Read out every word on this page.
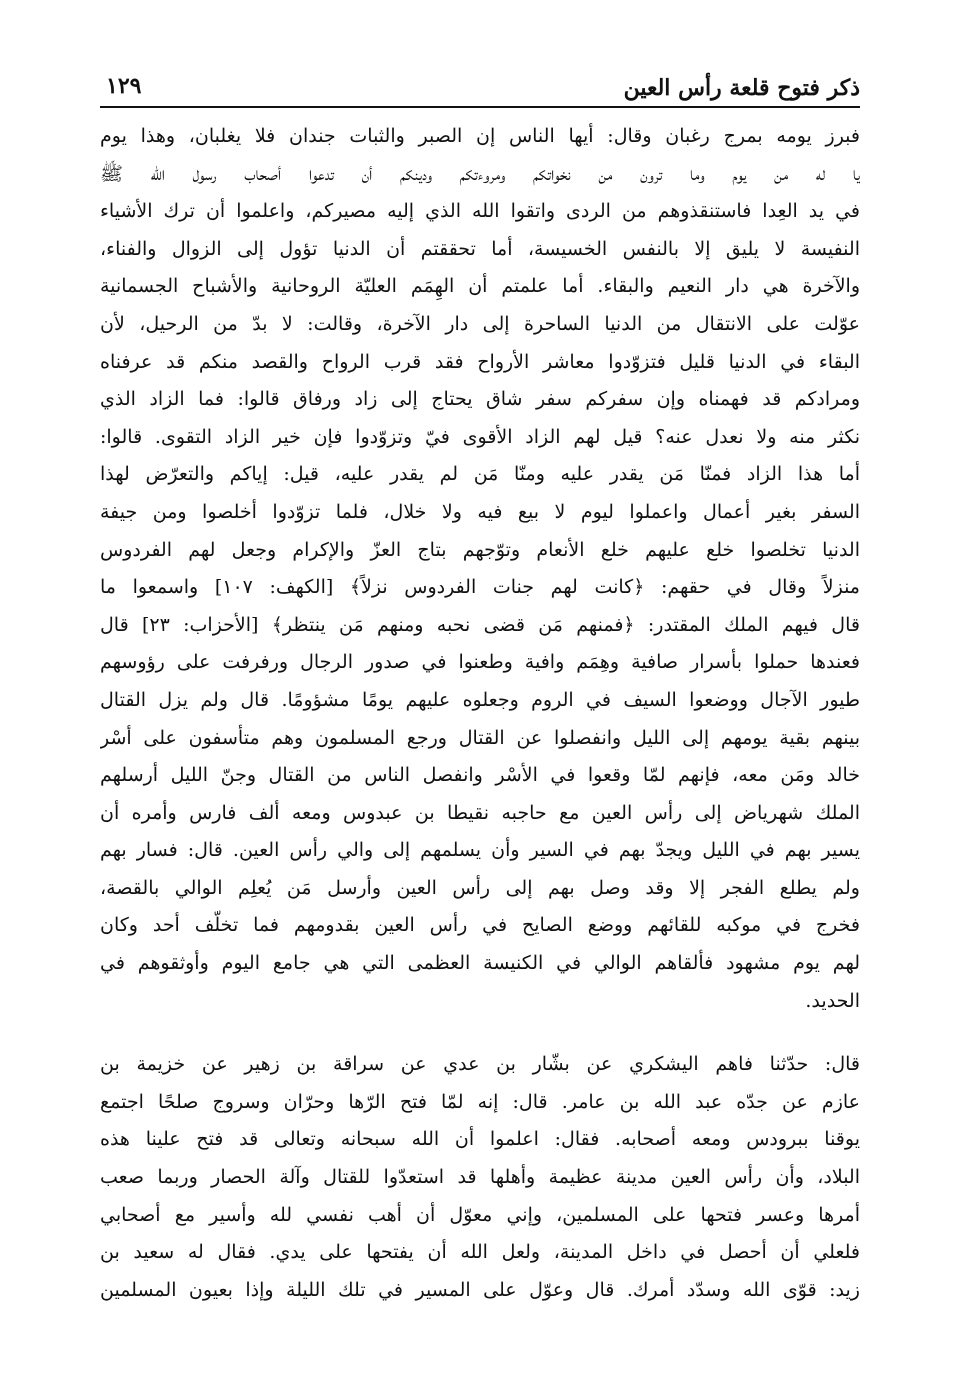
ذكر فتوح قلعة رأس العين
١٢٩
فبرز يومه بمرج رغبان وقال: أيها الناس إن الصبر والثبات جندان فلا يغلبان، وهذا يوم
يا له من يوم وما ترون من نخواتكم ومروءتكم ودينكم أن تدعوا أصحاب رسول الله ﷺ
في يد العِدا فاستنقذوهم من الردى واتقوا الله الذي إليه مصيركم، واعلموا أن ترك الأشياء
النفيسة لا يليق إلا بالنفس الخسيسة، أما تحققتم أن الدنيا تؤول إلى الزوال والفناء،
والآخرة هي دار النعيم والبقاء. أما علمتم أن الهِمَم العليّة الروحانية والأشباح الجسمانية
عوّلت على الانتقال من الدنيا الساحرة إلى دار الآخرة، وقالت: لا بدّ من الرحيل، لأن
البقاء في الدنيا قليل فتزوّدوا معاشر الأرواح فقد قرب الرواح والقصد منكم قد عرفناه
ومرادكم قد فهمناه وإن سفركم سفر شاق يحتاج إلى زاد ورفاق قالوا: فما الزاد الذي
نكثر منه ولا نعدل عنه؟ قيل لهم الزاد الأقوى فيّ وتزوّدوا فإن خير الزاد التقوى. قالوا:
أما هذا الزاد فمنّا مَن يقدر عليه ومنّا مَن لم يقدر عليه، قيل: إياكم والتعرّض لهذا
السفر بغير أعمال واعملوا ليوم لا بيع فيه ولا خلال، فلما تزوّدوا أخلصوا ومن جيفة
الدنيا تخلصوا خلع عليهم خلع الأنعام وتوّجهم بتاج العزّ والإكرام وجعل لهم الفردوس
منزلاً وقال في حقهم: ﴿كانت لهم جنات الفردوس نزلاً﴾ [الكهف: ١٠٧] واسمعوا ما
قال فيهم الملك المقتدر: ﴿فمنهم مَن قضى نحبه ومنهم مَن ينتظر﴾ [الأحزاب: ٢٣] قال
فعندها حملوا بأسرار صافية وهِمَم وافية وطعنوا في صدور الرجال ورفرفت على رؤوسهم
طيور الآجال ووضعوا السيف في الروم وجعلوه عليهم يومًا مشؤومًا. قال ولم يزل القتال
بينهم بقية يومهم إلى الليل وانفصلوا عن القتال ورجع المسلمون وهم متأسفون على أسْر
خالد ومَن معه، فإنهم لمّا وقعوا في الأسْر وانفصل الناس من القتال وجنّ الليل أرسلهم
الملك شهرياض إلى رأس العين مع حاجبه نقيطا بن عبدوس ومعه ألف فارس وأمره أن
يسير بهم في الليل ويجدّ بهم في السير وأن يسلمهم إلى والي رأس العين. قال: فسار بهم
ولم يطلع الفجر إلا وقد وصل بهم إلى رأس العين وأرسل مَن يُعلِم الوالي بالقصة،
فخرج في موكبه للقائهم ووضع الصايح في رأس العين بقدومهم فما تخلّف أحد وكان
لهم يوم مشهود فألقاهم الوالي في الكنيسة العظمى التي هي جامع اليوم وأوثقوهم في
الحديد.
قال: حدّثنا فاهم اليشكري عن بشّار بن عدي عن سراقة بن زهير عن خزيمة بن
عازم عن جدّه عبد الله بن عامر. قال: إنه لمّا فتح الرّها وحرّان وسروج صلحًا اجتمع
يوقنا ببرودس ومعه أصحابه. فقال: اعلموا أن الله سبحانه وتعالى قد فتح علينا هذه
البلاد، وأن رأس العين مدينة عظيمة وأهلها قد استعدّوا للقتال وآلة الحصار وربما صعب
أمرها وعسر فتحها على المسلمين، وإني معوّل أن أهب نفسي لله وأسير مع أصحابي
فلعلي أن أحصل في داخل المدينة، ولعل الله أن يفتحها على يدي. فقال له سعيد بن
زيد: قوّى الله وسدّد أمرك. قال وعوّل على المسير في تلك الليلة وإذا بعيون المسلمين
